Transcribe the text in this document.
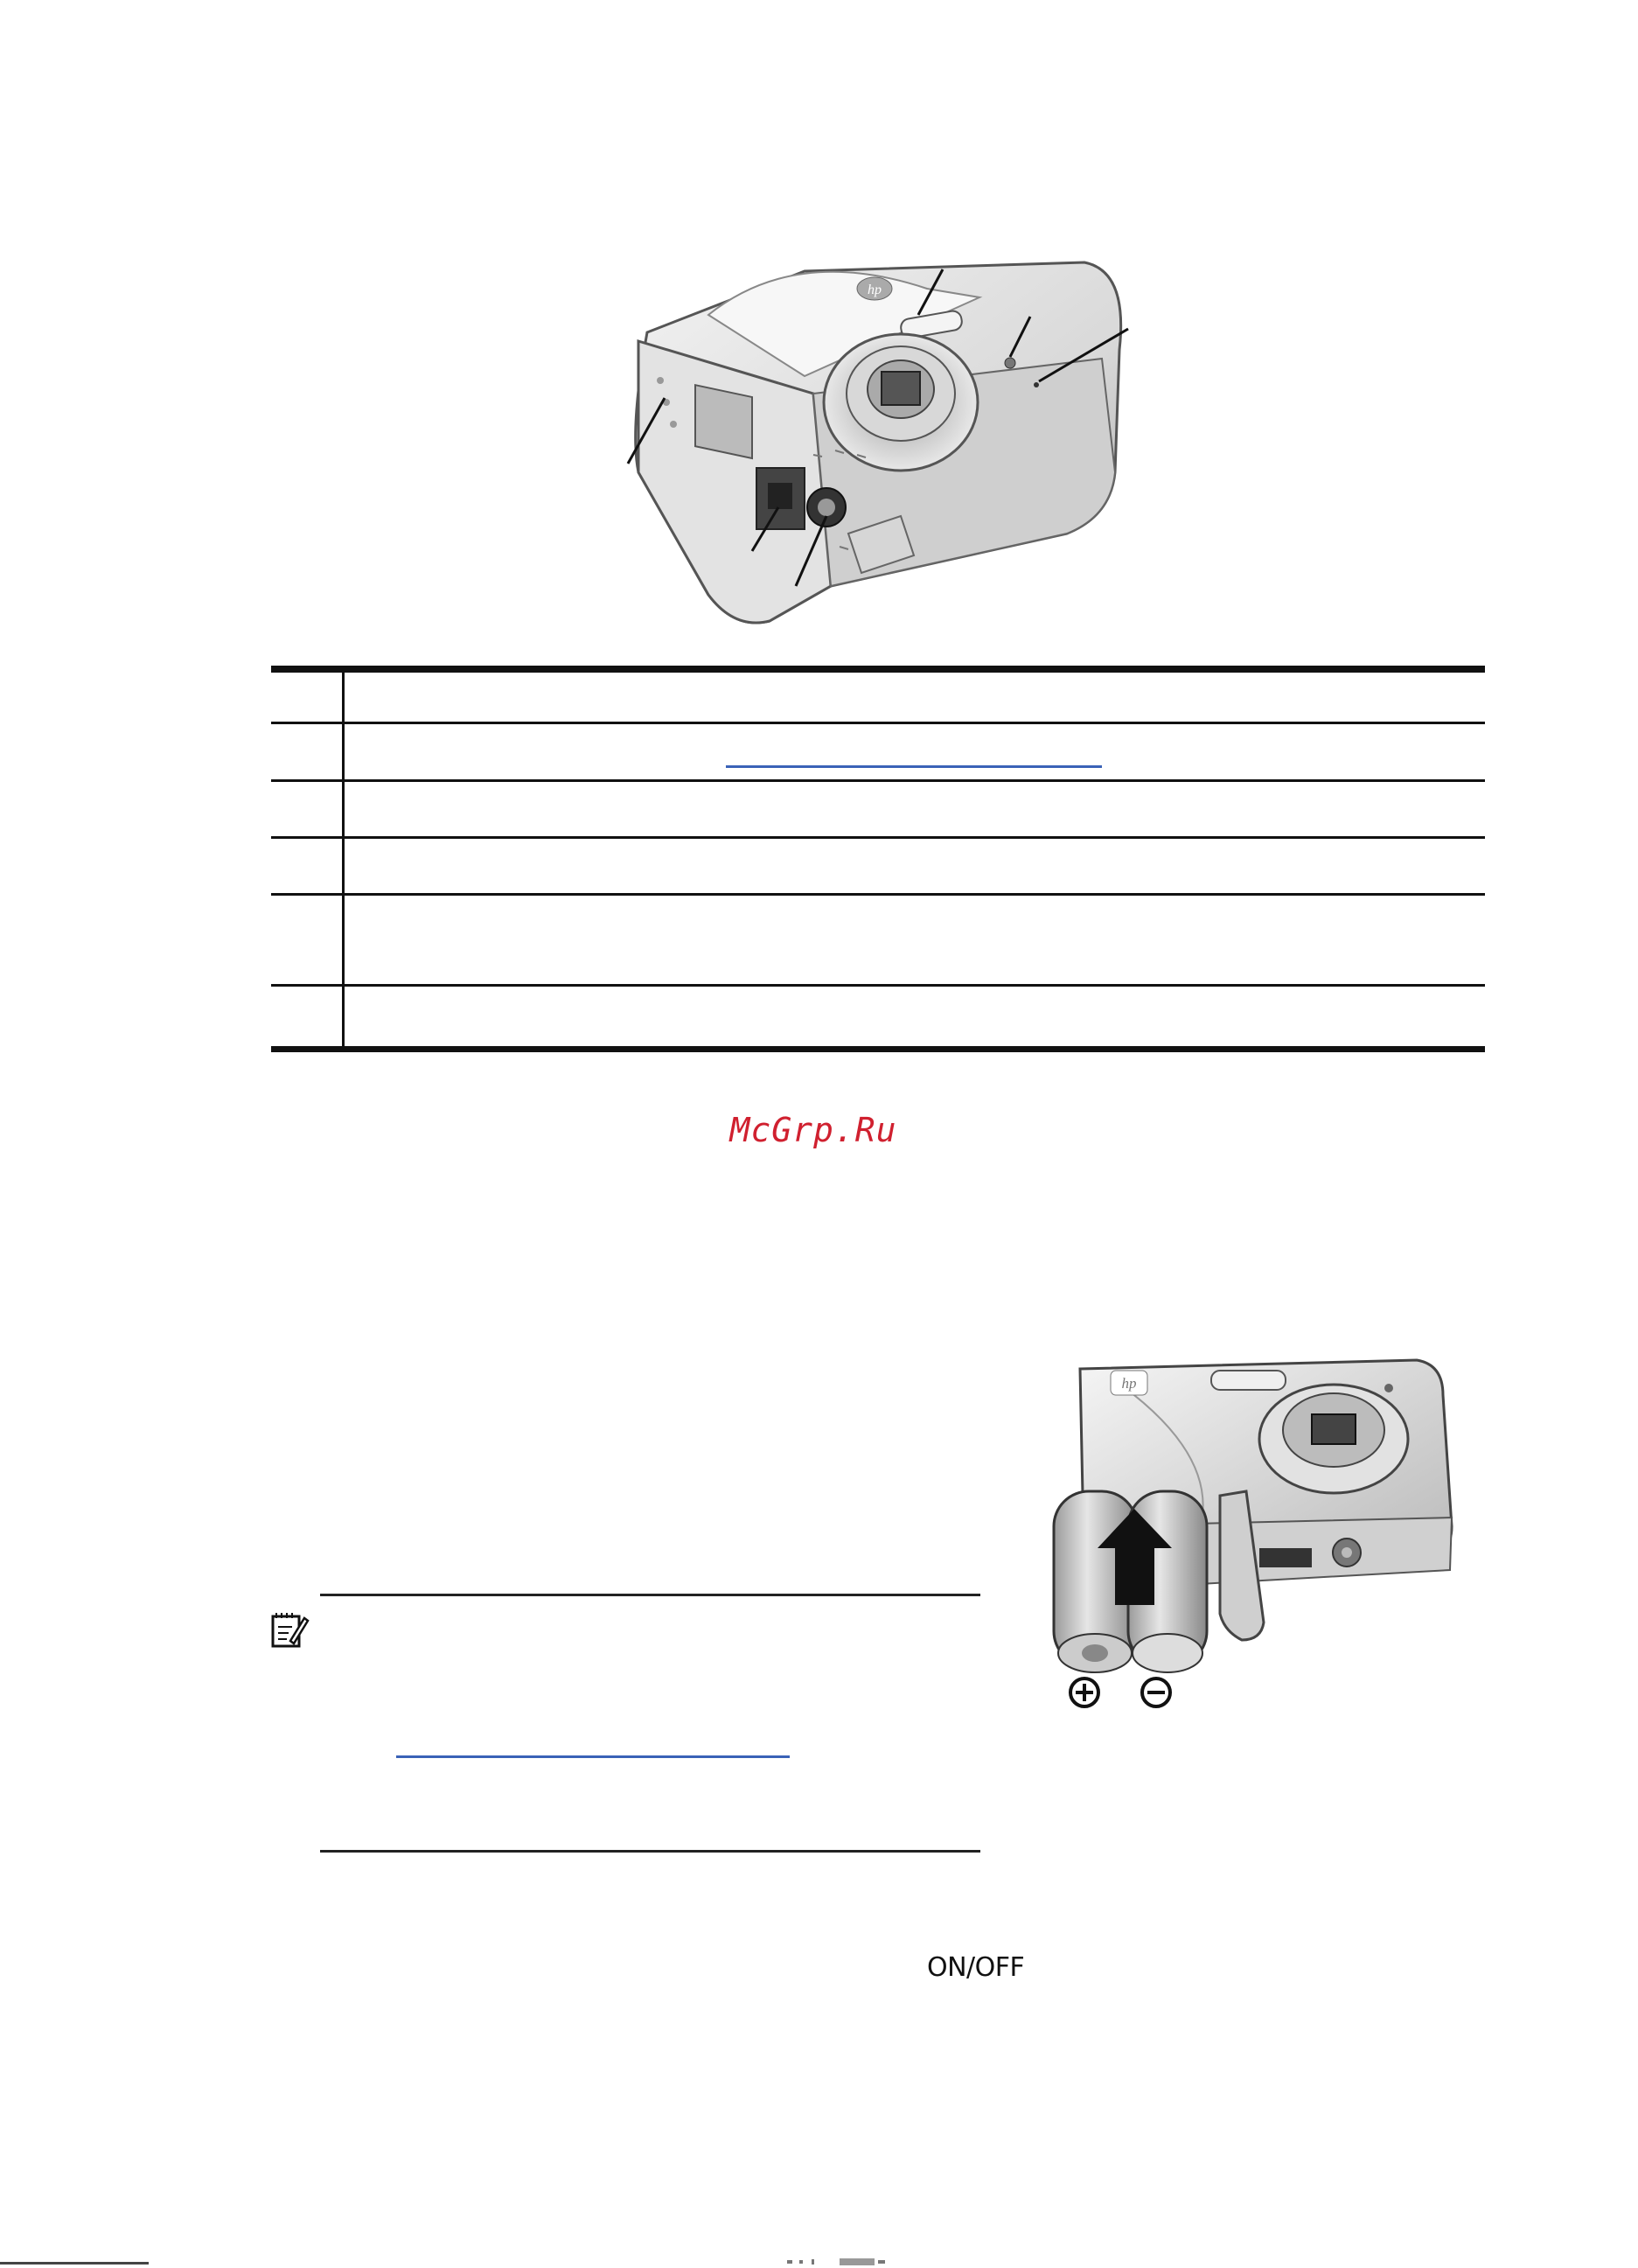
hp
McGrp.Ru
hp
ON/OFF
